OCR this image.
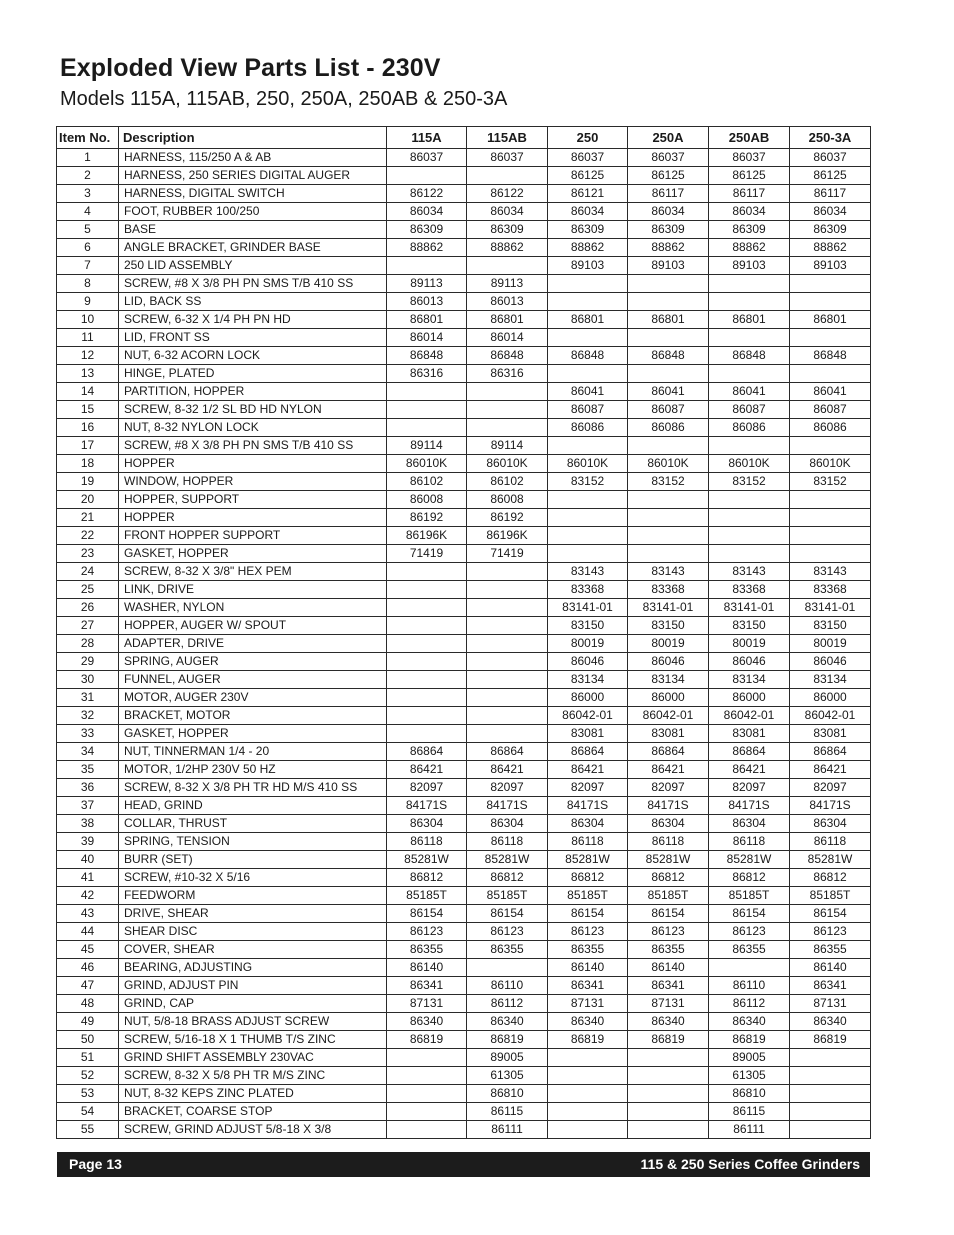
Exploded View Parts List - 230V
Models 115A, 115AB, 250, 250A, 250AB & 250-3A
Item No.	Description	115A	115AB	250	250A	250AB	250-3A
1	HARNESS, 115/250 A & AB	86037	86037	86037	86037	86037	86037
2	HARNESS, 250 SERIES DIGITAL AUGER			86125	86125	86125	86125
3	HARNESS, DIGITAL SWITCH	86122	86122	86121	86117	86117	86117
4	FOOT, RUBBER 100/250	86034	86034	86034	86034	86034	86034
5	BASE	86309	86309	86309	86309	86309	86309
6	ANGLE BRACKET, GRINDER BASE	88862	88862	88862	88862	88862	88862
7	250 LID ASSEMBLY			89103	89103	89103	89103
8	SCREW, #8 X 3/8 PH PN SMS T/B 410 SS	89113	89113				
9	LID, BACK SS	86013	86013				
10	SCREW, 6-32 X 1/4 PH PN HD	86801	86801	86801	86801	86801	86801
11	LID, FRONT SS	86014	86014				
12	NUT, 6-32 ACORN LOCK	86848	86848	86848	86848	86848	86848
13	HINGE, PLATED	86316	86316				
14	PARTITION, HOPPER			86041	86041	86041	86041
15	SCREW, 8-32 1/2 SL BD HD NYLON			86087	86087	86087	86087
16	NUT, 8-32 NYLON LOCK			86086	86086	86086	86086
17	SCREW, #8 X 3/8 PH PN SMS T/B 410 SS	89114	89114				
18	HOPPER	86010K	86010K	86010K	86010K	86010K	86010K
19	WINDOW, HOPPER	86102	86102	83152	83152	83152	83152
20	HOPPER, SUPPORT	86008	86008				
21	HOPPER	86192	86192				
22	FRONT HOPPER SUPPORT	86196K	86196K				
23	GASKET, HOPPER	71419	71419				
24	SCREW, 8-32 X 3/8" HEX PEM			83143	83143	83143	83143
25	LINK, DRIVE			83368	83368	83368	83368
26	WASHER, NYLON			83141-01	83141-01	83141-01	83141-01
27	HOPPER, AUGER W/ SPOUT			83150	83150	83150	83150
28	ADAPTER, DRIVE			80019	80019	80019	80019
29	SPRING, AUGER			86046	86046	86046	86046
30	FUNNEL, AUGER			83134	83134	83134	83134
31	MOTOR, AUGER 230V			86000	86000	86000	86000
32	BRACKET, MOTOR			86042-01	86042-01	86042-01	86042-01
33	GASKET, HOPPER			83081	83081	83081	83081
34	NUT, TINNERMAN 1/4 - 20	86864	86864	86864	86864	86864	86864
35	MOTOR, 1/2HP 230V 50 HZ	86421	86421	86421	86421	86421	86421
36	SCREW, 8-32 X 3/8 PH TR HD M/S 410 SS	82097	82097	82097	82097	82097	82097
37	HEAD, GRIND	84171S	84171S	84171S	84171S	84171S	84171S
38	COLLAR, THRUST	86304	86304	86304	86304	86304	86304
39	SPRING, TENSION	86118	86118	86118	86118	86118	86118
40	BURR (SET)	85281W	85281W	85281W	85281W	85281W	85281W
41	SCREW, #10-32 X 5/16	86812	86812	86812	86812	86812	86812
42	FEEDWORM	85185T	85185T	85185T	85185T	85185T	85185T
43	DRIVE, SHEAR	86154	86154	86154	86154	86154	86154
44	SHEAR DISC	86123	86123	86123	86123	86123	86123
45	COVER, SHEAR	86355	86355	86355	86355	86355	86355
46	BEARING, ADJUSTING	86140		86140	86140		86140
47	GRIND, ADJUST PIN	86341	86110	86341	86341	86110	86341
48	GRIND, CAP	87131	86112	87131	87131	86112	87131
49	NUT, 5/8-18 BRASS ADJUST SCREW	86340	86340	86340	86340	86340	86340
50	SCREW, 5/16-18 X 1 THUMB T/S ZINC	86819	86819	86819	86819	86819	86819
51	GRIND SHIFT ASSEMBLY 230VAC		89005			89005	
52	SCREW, 8-32 X 5/8 PH TR M/S ZINC		61305			61305	
53	NUT, 8-32 KEPS ZINC PLATED		86810			86810	
54	BRACKET, COARSE STOP		86115			86115	
55	SCREW, GRIND ADJUST 5/8-18 X 3/8		86111			86111	
Page 13	115 & 250 Series Coffee Grinders
